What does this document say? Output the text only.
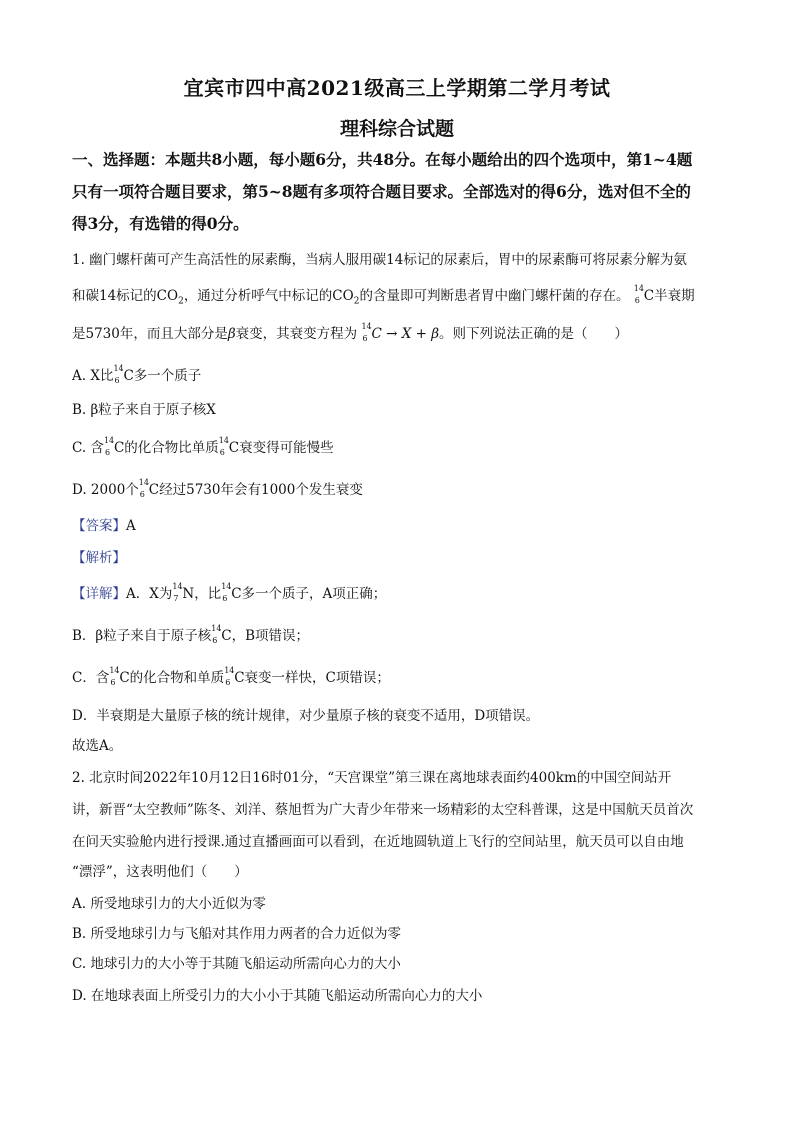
宜宾市四中高2021级高三上学期第二学月考试
理科综合试题
一、选择题：本题共8小题，每小题6分，共48分。在每小题给出的四个选项中，第1~4题
只有一项符合题目要求，第5~8题有多项符合题目要求。全部选对的得6分，选对但不全的
得3分，有选错的得0分。
1. 幽门螺杆菌可产生高活性的尿素酶，当病人服用碳14标记的尿素后，胃中的尿素酶可将尿素分解为氨
和碳14标记的$CO_2$，通过分析呼气中标记的$CO_2$的含量即可判断患者胃中幽门螺杆菌的存在。 14
6 C半衰期
是5730年，而且大部分是β衰变，其衰变方程为 14
6 C → X + β。则下列说法正确的是（　　）
A. X比 14
6 C多一个质子
B. β粒子来自于原子核X
C. 含 14
6 C的化合物比单质 14
6 C衰变得可能慢些
D. 2000个 14
6 C经过5730年会有1000个发生衰变
【答案】A
【解析】
【详解】A．X为 14
7 N，比 14
6 C多一个质子，A项正确；
B．β粒子来自于原子核 14
6 C，B项错误；
C．含 14
6 C的化合物和单质 14
6 C衰变一样快，C项错误；
D．半衰期是大量原子核的统计规律，对少量原子核的衰变不适用，D项错误。
故选A。
2. 北京时间2022年10月12日16时01分，“天宫课堂”第三课在离地球表面约400km的中国空间站开
讲，新晋“太空教师”陈冬、刘洋、蔡旭哲为广大青少年带来一场精彩的太空科普课，这是中国航天员首次
在问天实验舱内进行授课.通过直播画面可以看到，在近地圆轨道上飞行的空间站里，航天员可以自由地
“漂浮”，这表明他们（　　）
A. 所受地球引力的大小近似为零
B. 所受地球引力与飞船对其作用力两者的合力近似为零
C. 地球引力的大小等于其随飞船运动所需向心力的大小
D. 在地球表面上所受引力的大小小于其随飞船运动所需向心力的大小
